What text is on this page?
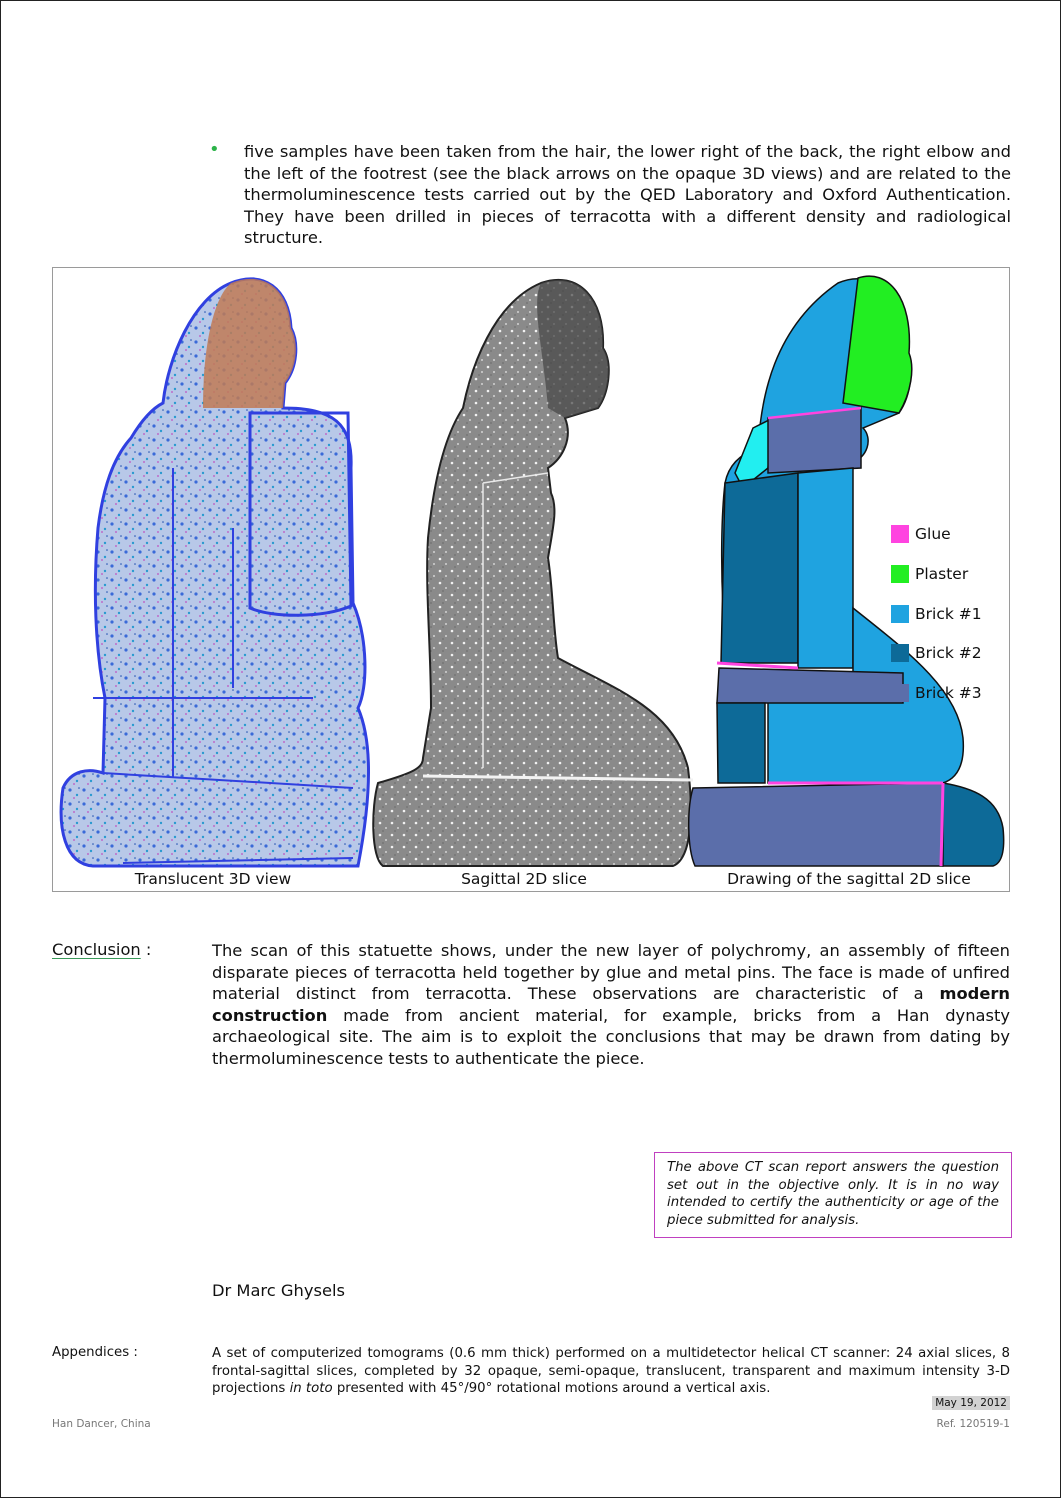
• five samples have been taken from the hair, the lower right of the back, the right elbow and the left of the footrest (see the black arrows on the opaque 3D views) and are related to the thermoluminescence tests carried out by the QED Laboratory and Oxford Authentication. They have been drilled in pieces of terracotta with a different density and radiological structure.
Translucent 3D view	Sagittal 2D slice	Drawing of the sagittal 2D slice
Glue
Plaster
Brick #1
Brick #2
Brick #3
Conclusion :	The scan of this statuette shows, under the new layer of polychromy, an assembly of fifteen disparate pieces of terracotta held together by glue and metal pins. The face is made of unfired material distinct from terracotta. These observations are characteristic of a modern construction made from ancient material, for example, bricks from a Han dynasty archaeological site. The aim is to exploit the conclusions that may be drawn from dating by thermoluminescence tests to authenticate the piece.
The above CT scan report answers the question set out in the objective only. It is in no way intended to certify the authenticity or age of the piece submitted for analysis.
Dr Marc Ghysels
Appendices :	A set of computerized tomograms (0.6 mm thick) performed on a multidetector helical CT scanner: 24 axial slices, 8 frontal-sagittal slices, completed by 32 opaque, semi-opaque, translucent, transparent and maximum intensity 3-D projections in toto presented with 45°/90° rotational motions around a vertical axis.
May 19, 2012
Han Dancer, China	Ref. 120519-1
